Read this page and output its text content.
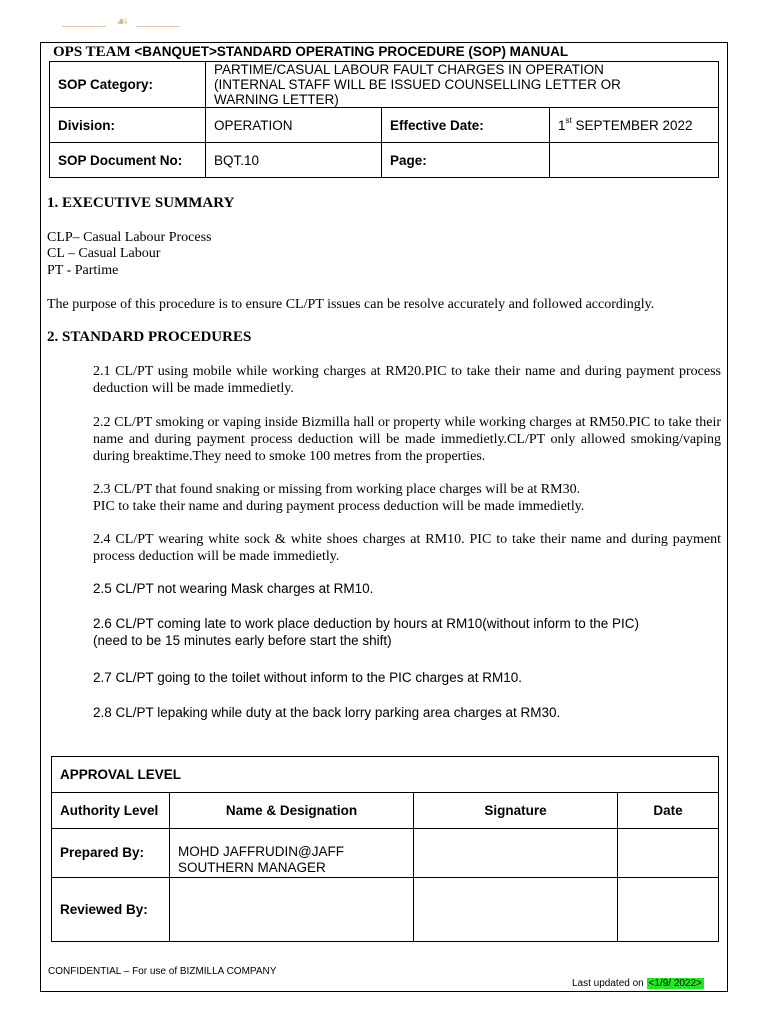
☙
OPS TEAM <BANQUET>STANDARD OPERATING PROCEDURE (SOP) MANUAL
SOP Category:	PARTIME/CASUAL LABOUR FAULT CHARGES IN OPERATION
(INTERNAL STAFF WILL BE ISSUED COUNSELLING LETTER OR
WARNING LETTER)		

Division:	OPERATION	Effective Date:	1st SEPTEMBER 2022
SOP Document No:	BQT.10	Page:	
1. EXECUTIVE SUMMARY
CLP– Casual Labour Process
CL – Casual Labour
PT - Partime
The purpose of this procedure is to ensure CL/PT issues can be resolve accurately and followed accordingly.
2. STANDARD PROCEDURES
2.1 CL/PT using mobile while working charges at RM20.PIC to take their name and during payment process deduction will be made immedietly.
2.2 CL/PT smoking or vaping inside Bizmilla hall or property while working charges at RM50.PIC to take their name and during payment process deduction will be made immedietly.CL/PT only allowed smoking/vaping during breaktime.They need to smoke 100 metres from the properties.
2.3 CL/PT that found snaking or missing from working place charges will be at RM30.
PIC to take their name and during payment process deduction will be made immedietly.
2.4 CL/PT wearing white sock & white shoes charges at RM10. PIC to take their name and during payment process deduction will be made immedietly.
2.5 CL/PT not wearing Mask charges at RM10.
2.6 CL/PT coming late to work place deduction by hours at RM10(without inform to the PIC)
(need to be 15 minutes early before start the shift)
2.7 CL/PT going to the toilet without inform to the PIC charges at RM10.
2.8 CL/PT lepaking while duty at the back lorry parking area charges at RM30.
APPROVAL LEVEL			
Authority Level	Name & Designation	Signature	Date
Prepared By:	MOHD JAFFRUDIN@JAFF
SOUTHERN MANAGER		

Reviewed By:			
CONFIDENTIAL – For use of BIZMILLA COMPANY
Last updated on <1/9/ 2022>
